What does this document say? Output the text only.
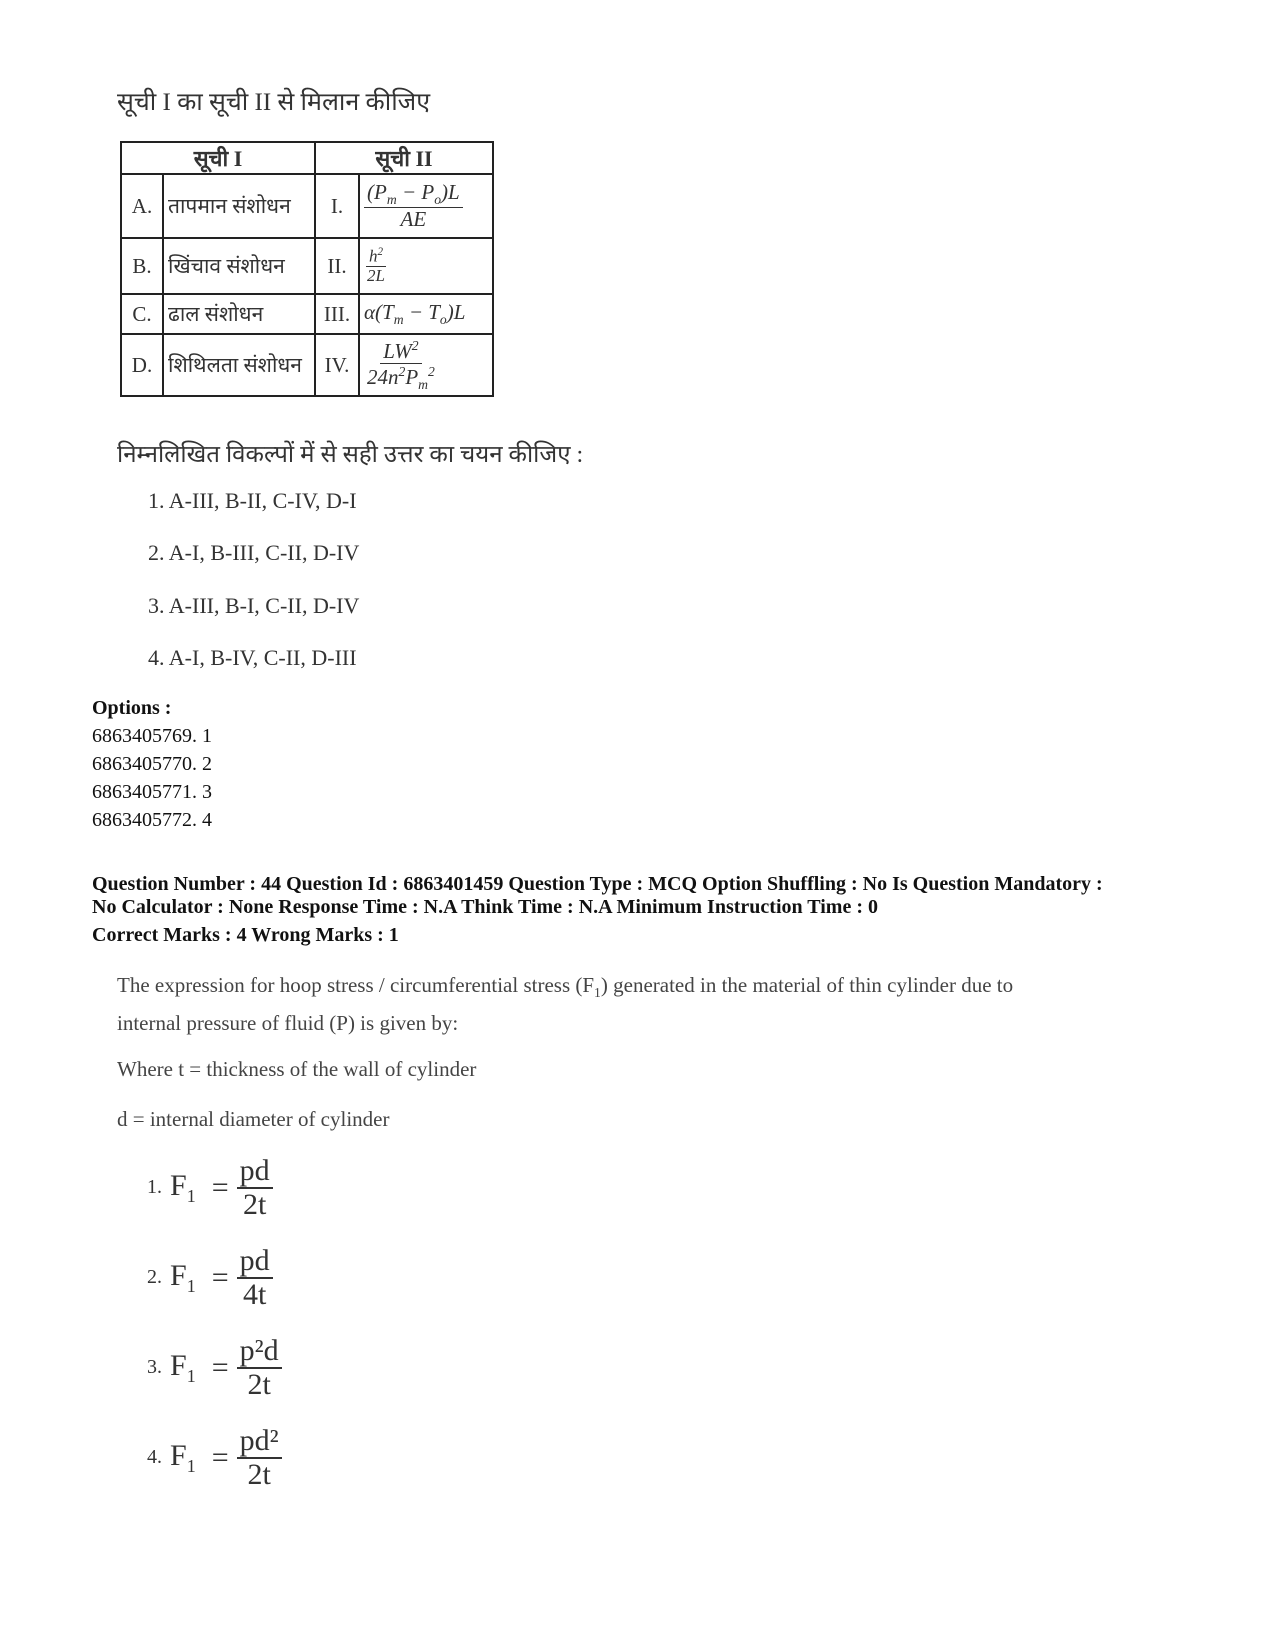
सूची I का सूची II से मिलान कीजिए
सूची I		सूची II	
A.	तापमान संशोधन	I.	$\frac{(P_m - P_o)L}{AE}$

B.	खिंचाव संशोधन	II.	$\frac{h^2}{2L}$

C.	ढाल संशोधन	III.	$\alpha(T_m - T_o)L$
D.	शिथिलता संशोधन	IV.	$\frac{LW^2}{24n^2P_m^2}$
निम्नलिखित विकल्पों में से सही उत्तर का चयन कीजिए :
1. A-III, B-II, C-IV, D-I
2. A-I, B-III, C-II, D-IV
3. A-III, B-I, C-II, D-IV
4. A-I, B-IV, C-II, D-III
Options :
6863405769. 1
6863405770. 2
6863405771. 3
6863405772. 4
Question Number : 44 Question Id : 6863401459 Question Type : MCQ Option Shuffling : No Is Question Mandatory :
No Calculator : None Response Time : N.A Think Time : N.A Minimum Instruction Time : 0
Correct Marks : 4 Wrong Marks : 1
The expression for hoop stress / circumferential stress $(F_1)$ generated in the material of thin cylinder due to
internal pressure of fluid (P) is given by:
Where t = thickness of the wall of cylinder
d = internal diameter of cylinder
1. $F_1 = \frac{pd}{2t}$
2. $F_1 = \frac{pd}{4t}$
3. $F_1 = \frac{\text{p²d}}{2t}$
4. $F_1 = \frac{\text{pd²}}{2t}$
